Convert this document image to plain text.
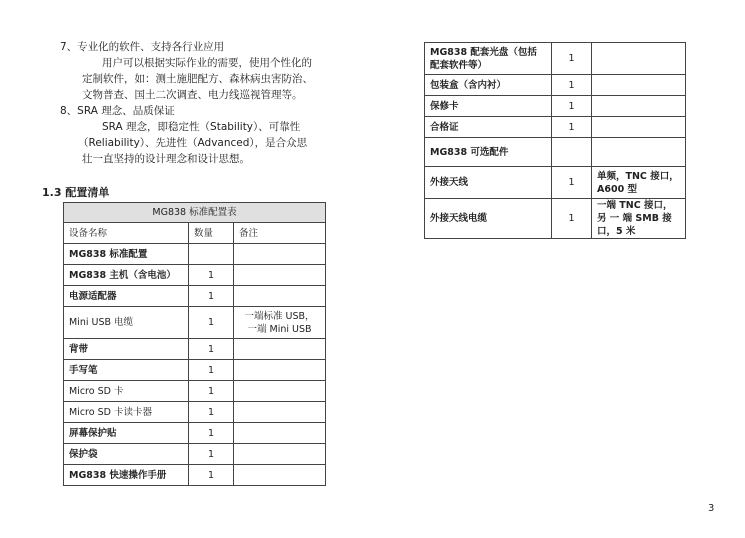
7、专业化的软件、支持各行业应用
用户可以根据实际作业的需要，使用个性化的
定制软件，如：测土施肥配方、森林病虫害防治、
文物普查、国土二次调查、电力线巡视管理等。
8、SRA 理念、品质保证
SRA 理念，即稳定性（Stability）、可靠性
（Reliability）、先进性（Advanced），是合众思
壮一直坚持的设计理念和设计思想。
1.3 配置清单
MG838 标准配置表		
设备名称	数量	备注
MG838 标准配置		
MG838 主机（含电池）	1	
电源适配器	1	
Mini USB 电缆	1	一端标准 USB，
一端 Mini USB
背带	1	
手写笔	1	
Micro SD 卡	1	
Micro SD 卡读卡器	1	
屏幕保护贴	1	
保护袋	1	
MG838 快速操作手册	1	
MG838 配套光盘（包括
配套软件等）	1	
包装盒（含内衬）	1	
保修卡	1	
合格证	1	
MG838 可选配件		
外接天线	1	单频，TNC 接口，
A600 型
外接天线电缆	1	一端 TNC 接口，
另 一 端 SMB 接
口，5 米
3
